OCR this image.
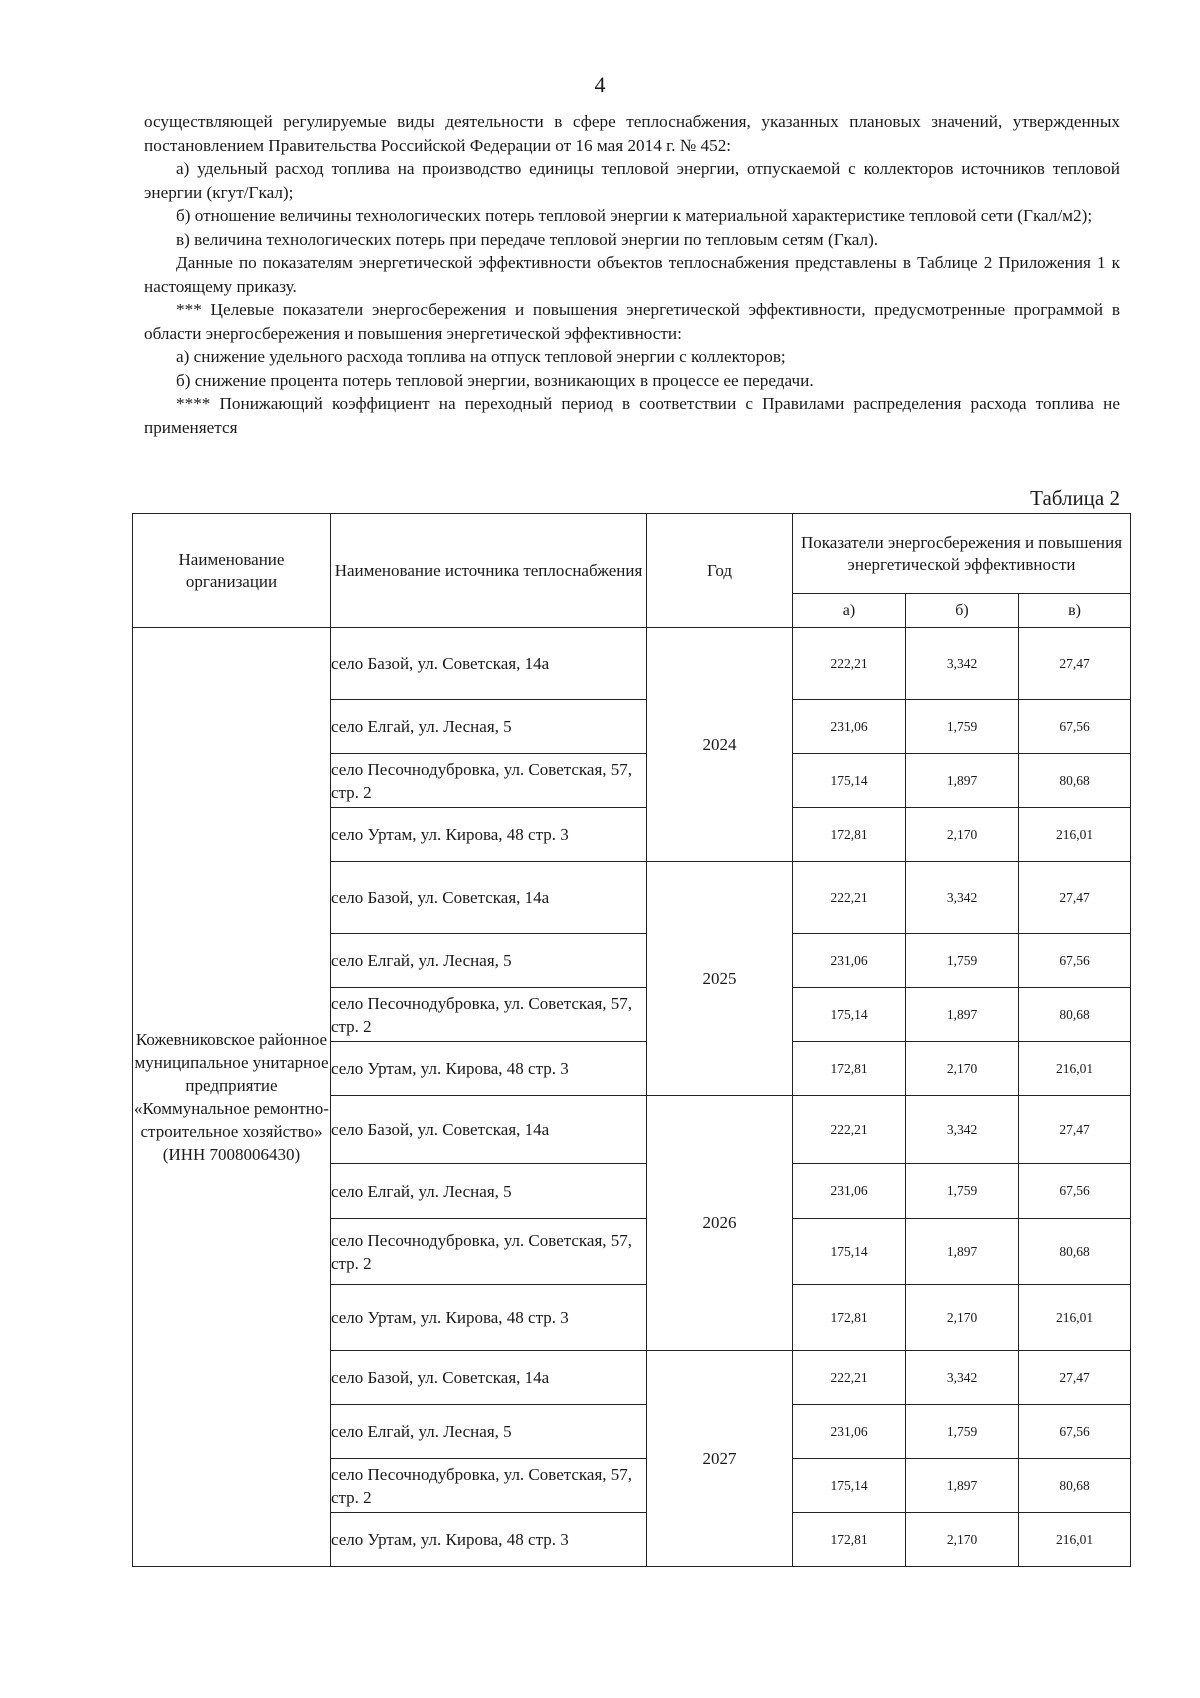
4

осуществляющей регулируемые виды деятельности в сфере теплоснабжения, указанных плановых значений, утвержденных постановлением Правительства Российской Федерации от 16 мая 2014 г. № 452:

а) удельный расход топлива на производство единицы тепловой энергии, отпускаемой с коллекторов источников тепловой энергии (кгут/Гкал);

б) отношение величины технологических потерь тепловой энергии к материальной характеристике тепловой сети (Гкал/м2);

в) величина технологических потерь при передаче тепловой энергии по тепловым сетям (Гкал).

Данные по показателям энергетической эффективности объектов теплоснабжения представлены в Таблице 2 Приложения 1 к настоящему приказу.

*** Целевые показатели энергосбережения и повышения энергетической эффективности, предусмотренные программой в области энергосбережения и повышения энергетической эффективности:

а) снижение удельного расхода топлива на отпуск тепловой энергии с коллекторов;

б) снижение процента потерь тепловой энергии, возникающих в процессе ее передачи.

**** Понижающий коэффициент на переходный период в соответствии с Правилами распределения расхода топлива не применяется

Таблица 2
Наименование организации	Наименование источника теплоснабжения	Год	Показатели энергосбережения и повышения энергетической эффективности		
			а)	б)	в)
Кожевниковское районное муниципальное унитарное предприятие «Коммунальное ремонтно-строительное хозяйство» (ИНН 7008006430)	село Базой, ул. Советская, 14а	2024	222,21	3,342	27,47
	село Елгай, ул. Лесная, 5		231,06	1,759	67,56
	село Песочнодубровка, ул. Советская, 57, стр. 2		175,14	1,897	80,68
	село Уртам, ул. Кирова, 48 стр. 3		172,81	2,170	216,01
	село Базой, ул. Советская, 14а	2025	222,21	3,342	27,47
	село Елгай, ул. Лесная, 5		231,06	1,759	67,56
	село Песочнодубровка, ул. Советская, 57, стр. 2		175,14	1,897	80,68
	село Уртам, ул. Кирова, 48 стр. 3		172,81	2,170	216,01
	село Базой, ул. Советская, 14а	2026	222,21	3,342	27,47
	село Елгай, ул. Лесная, 5		231,06	1,759	67,56
	село Песочнодубровка, ул. Советская, 57, стр. 2		175,14	1,897	80,68
	село Уртам, ул. Кирова, 48 стр. 3		172,81	2,170	216,01
	село Базой, ул. Советская, 14а	2027	222,21	3,342	27,47
	село Елгай, ул. Лесная, 5		231,06	1,759	67,56
	село Песочнодубровка, ул. Советская, 57, стр. 2		175,14	1,897	80,68
	село Уртам, ул. Кирова, 48 стр. 3		172,81	2,170	216,01
